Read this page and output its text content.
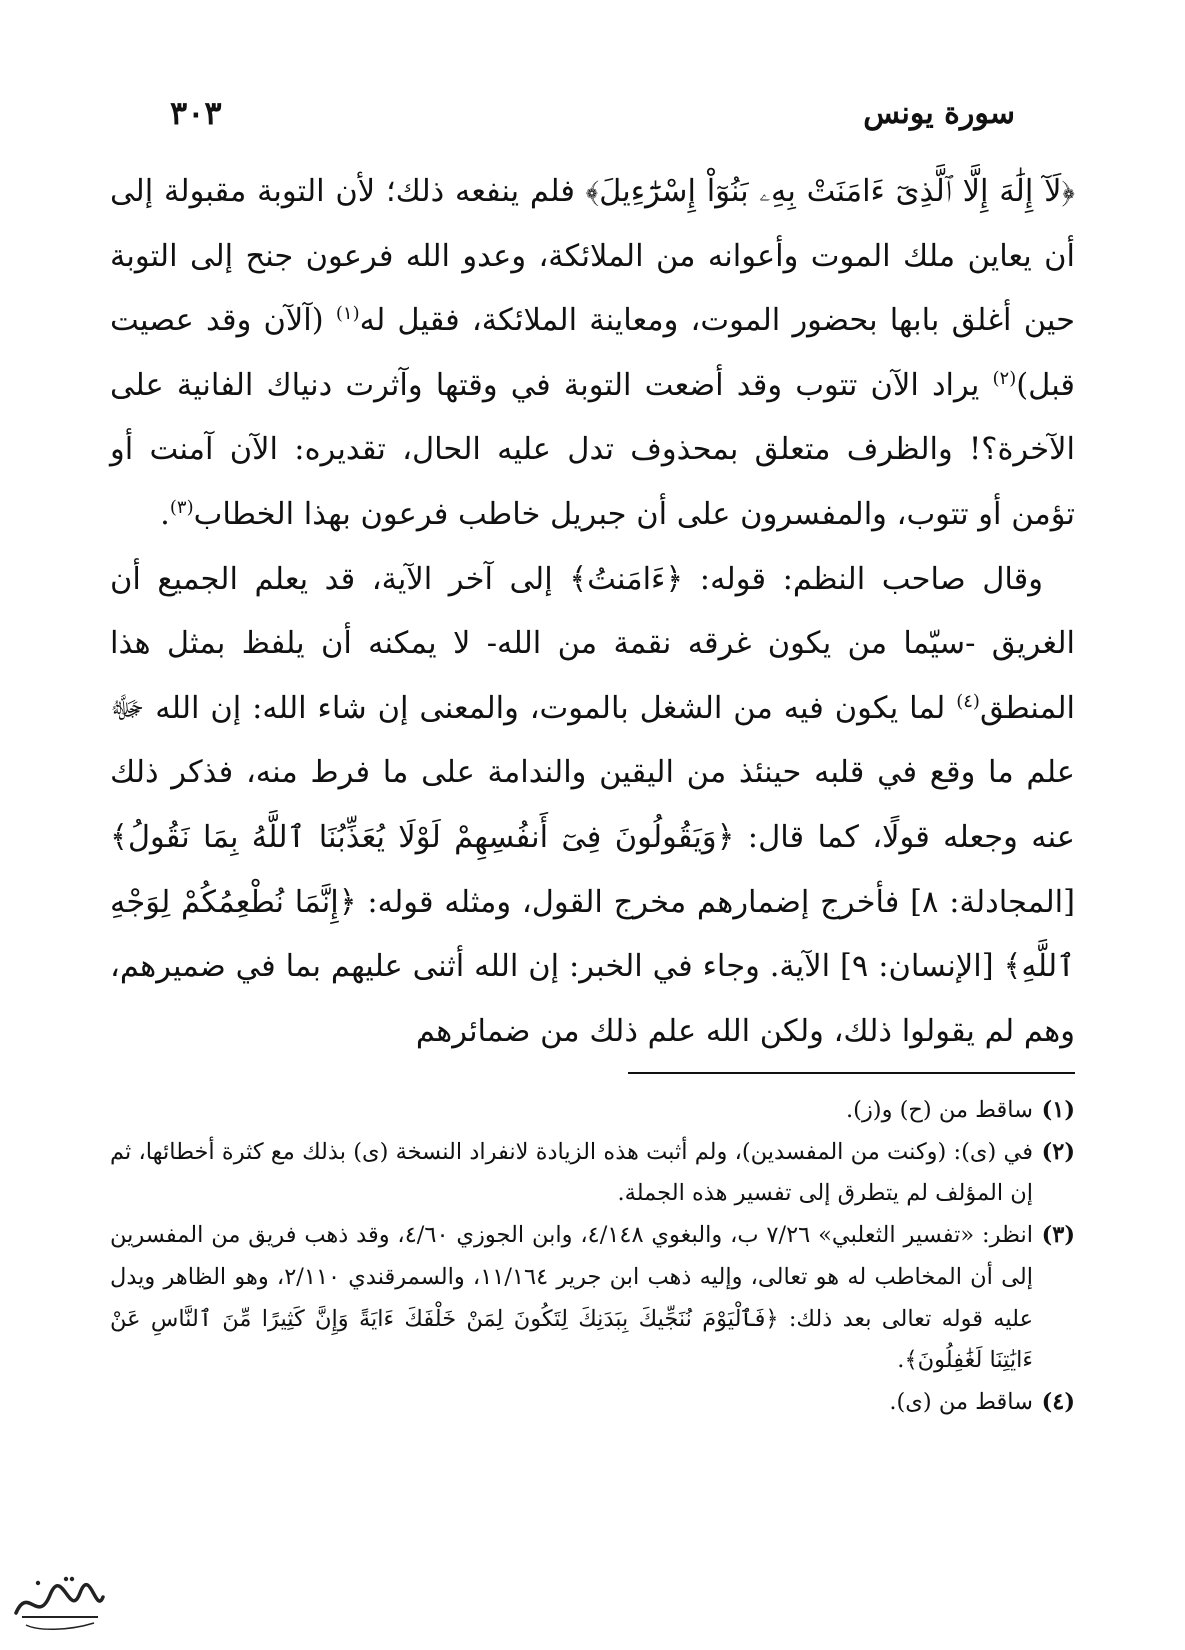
سورة يونس
٣٠٣

﴿لَآ إِلَٰهَ إِلَّا ٱلَّذِىٓ ءَامَنَتْ بِهِۦ بَنُوٓاْ إِسْرَٰٓءِيلَ﴾ فلم ينفعه ذلك؛ لأن التوبة مقبولة إلى أن يعاين ملك الموت وأعوانه من الملائكة، وعدو الله فرعون جنح إلى التوبة حين أغلق بابها بحضور الموت، ومعاينة الملائكة، فقيل له$^{(١)}$ (آلآن وقد عصيت قبل)$^{(٢)}$ يراد الآن تتوب وقد أضعت التوبة في وقتها وآثرت دنياك الفانية على الآخرة؟! والظرف متعلق بمحذوف تدل عليه الحال، تقديره: الآن آمنت أو تؤمن أو تتوب، والمفسرون على أن جبريل خاطب فرعون بهذا الخطاب$^{(٣)}$.

وقال صاحب النظم: قوله: ﴿ءَامَنتُ﴾ إلى آخر الآية، قد يعلم الجميع أن الغريق -سيّما من يكون غرقه نقمة من الله- لا يمكنه أن يلفظ بمثل هذا المنطق$^{(٤)}$ لما يكون فيه من الشغل بالموت، والمعنى إن شاء الله: إن الله ﷻ علم ما وقع في قلبه حينئذ من اليقين والندامة على ما فرط منه، فذكر ذلك عنه وجعله قولًا، كما قال: ﴿وَيَقُولُونَ فِىٓ أَنفُسِهِمْ لَوْلَا يُعَذِّبُنَا ٱللَّهُ بِمَا نَقُولُ﴾ [المجادلة: ٨] فأخرج إضمارهم مخرج القول، ومثله قوله: ﴿إِنَّمَا نُطْعِمُكُمْ لِوَجْهِ ٱللَّهِ﴾ [الإنسان: ٩] الآية. وجاء في الخبر: إن الله أثنى عليهم بما في ضميرهم، وهم لم يقولوا ذلك، ولكن الله علم ذلك من ضمائرهم

(١)
ساقط من (ح) و(ز).
(٢)
في (ى): (وكنت من المفسدين)، ولم أثبت هذه الزيادة لانفراد النسخة (ى) بذلك مع كثرة أخطائها، ثم إن المؤلف لم يتطرق إلى تفسير هذه الجملة.
(٣)
انظر: «تفسير الثعلبي» ٧/٢٦ ب، والبغوي ٤/١٤٨، وابن الجوزي ٤/٦٠، وقد ذهب فريق من المفسرين إلى أن المخاطب له هو تعالى، وإليه ذهب ابن جرير ١١/١٦٤، والسمرقندي ٢/١١٠، وهو الظاهر ويدل عليه قوله تعالى بعد ذلك: ﴿فَٱلْيَوْمَ نُنَجِّيكَ بِبَدَنِكَ لِتَكُونَ لِمَنْ خَلْفَكَ ءَايَةً وَإِنَّ كَثِيرًا مِّنَ ٱلنَّاسِ عَنْ ءَايَٰتِنَا لَغَٰفِلُونَ﴾.
(٤)
ساقط من (ى).
